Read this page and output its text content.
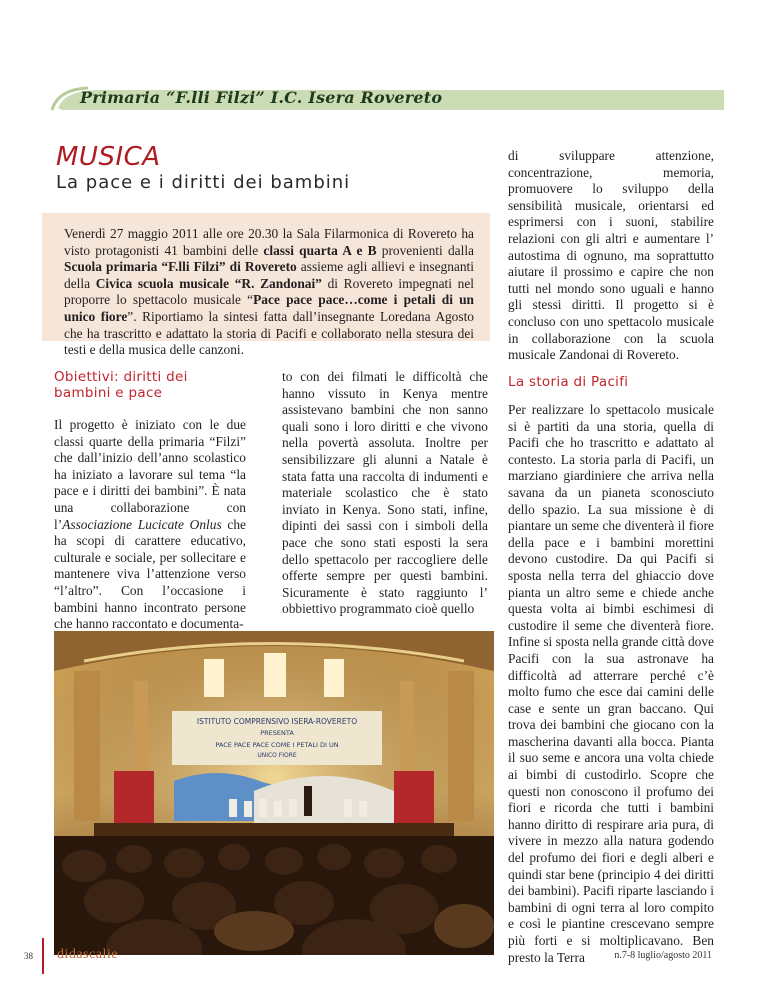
Primaria “F.lli Filzi” I.C. Isera Rovereto
MUSICA
La pace e i diritti dei bambini
Venerdì 27 maggio 2011 alle ore 20.30 la Sala Filarmonica di Rovereto ha visto protagonisti 41 bambini delle classi quarta A e B provenienti dalla Scuola primaria “F.lli Filzi” di Rovereto assieme agli allievi e insegnanti della Civica scuola musicale “R. Zandonai” di Rovereto impegnati nel proporre lo spettacolo musicale “Pace pace pace…come i petali di un unico fiore”. Riportiamo la sintesi fatta dall’insegnante Loredana Agosto che ha trascritto e adattato la storia di Pacifi e collaborato nella stesura dei testi e della musica delle canzoni.
Obiettivi: diritti dei bambini e pace
Il progetto è iniziato con le due classi quarte della primaria “Filzi” che dall’inizio dell’anno scolastico ha iniziato a lavorare sul tema “la pace e i diritti dei bambini”. È nata una collaborazione con l’Associazione Lucicate Onlus che ha scopi di carattere educativo, culturale e sociale, per sollecitare e mantenere viva l’attenzione verso “l’altro”. Con l’occasione i bambini hanno incontrato persone che hanno raccontato e documenta-
to con dei filmati le difficoltà che hanno vissuto in Kenya mentre assistevano bambini che non sanno quali sono i loro diritti e che vivono nella povertà assoluta. Inoltre per sensibilizzare gli alunni a Natale è stata fatta una raccolta di indumenti e materiale scolastico che è stato inviato in Kenya. Sono stati, infine, dipinti dei sassi con i simboli della pace che sono stati esposti la sera dello spettacolo per raccogliere delle offerte sempre per questi bambini. Sicuramente è stato raggiunto l’ obbiettivo programmato cioè quello
di sviluppare attenzione, concentrazione, memoria, promuovere lo sviluppo della sensibilità musicale, orientarsi ed esprimersi con i suoni, stabilire relazioni con gli altri e aumentare l’ autostima di ognuno, ma soprattutto aiutare il prossimo e capire che non tutti nel mondo sono uguali e hanno gli stessi diritti. Il progetto si è concluso con uno spettacolo musicale in collaborazione con la scuola musicale Zandonai di Rovereto.
La storia di Pacifi
Per realizzare lo spettacolo musicale si è partiti da una storia, quella di Pacifi che ho trascritto e adattato al contesto. La storia parla di Pacifi, un marziano giardiniere che arriva nella savana da un pianeta sconosciuto dello spazio. La sua missione è di piantare un seme che diventerà il fiore della pace e i bambini morettini devono custodire. Da qui Pacifi si sposta nella terra del ghiaccio dove pianta un altro seme e chiede anche questa volta ai bimbi eschimesi di custodire il seme che diventerà fiore. Infine si sposta nella grande città dove Pacifi con la sua astronave ha difficoltà ad atterrare perché c’è molto fumo che esce dai camini delle case e sente un gran baccano. Qui trova dei bambini che giocano con la mascherina davanti alla bocca. Pianta il suo seme e ancora una volta chiede ai bimbi di custodirlo. Scopre che questi non conoscono il profumo dei fiori e ricorda che tutti i bambini hanno diritto di respirare aria pura, di vivere in mezzo alla natura godendo del profumo dei fiori e degli alberi e quindi star bene (principio 4 dei diritti dei bambini). Pacifi riparte lasciando i bambini di ogni terra al loro compito e così le piantine crescevano sempre più forti e si moltiplicavano. Ben presto la Terra
ISTITUTO COMPRENSIVO ISERA-ROVERETO
PRESENTA
PACE PACE PACE COME I PETALI DI UN
UNICO FIORE
38 didascalie	n.7-8 luglio/agosto 2011
